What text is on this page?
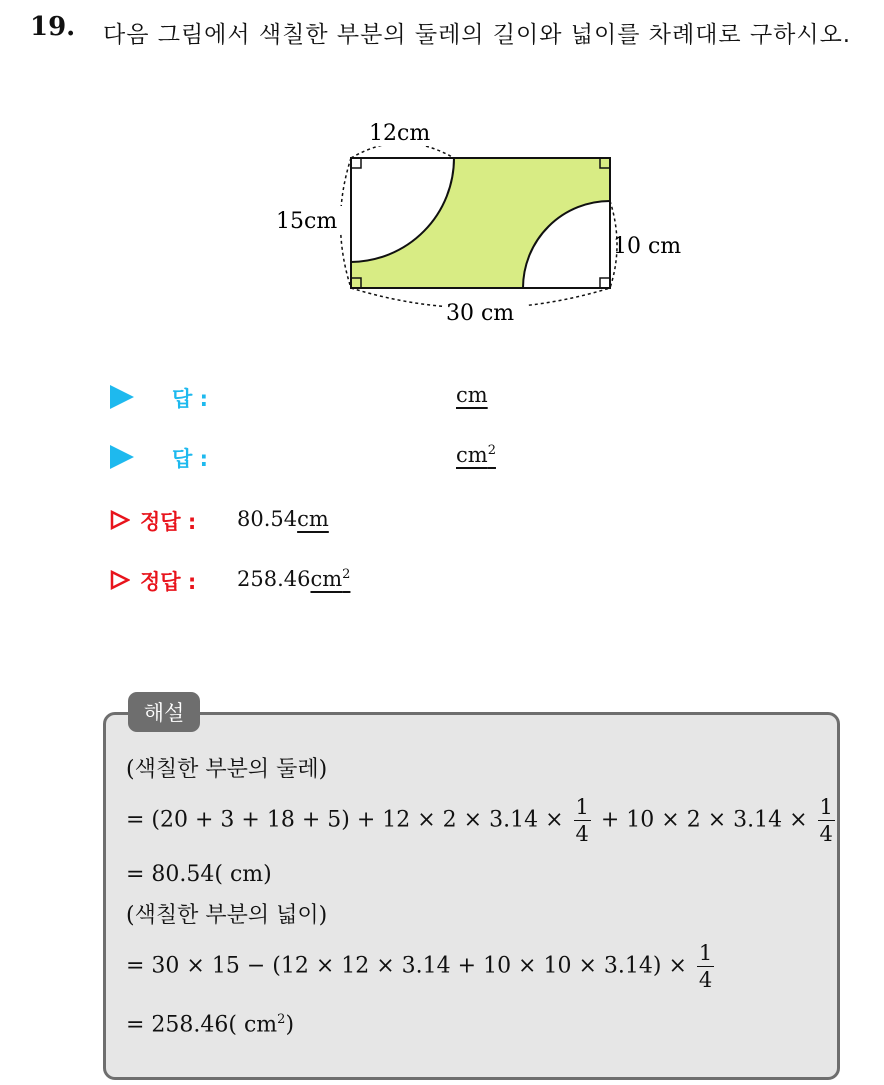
19. 다음 그림에서 색칠한 부분의 둘레의 길이와 넓이를 차례대로 구하시오.
12cm
15cm
10 cm
30 cm
답 :	cm
답 :	$cm^2$
정답 : 80.54cm
정답 : $258.46cm^2$
해설
(색칠한 부분의 둘레)
= $(20 + 3 + 18 + 5) + 12 \times 2 \times 3.14 \times \frac{1}{4} + 10 \times 2 \times 3.14 \times \frac{1}{4}$
= 80.54( cm)
(색칠한 부분의 넓이)
= $30 \times 15 - (12 \times 12 \times 3.14 + 10 \times 10 \times 3.14) \times \frac{1}{4}$
= 258.46( $cm^2$)
